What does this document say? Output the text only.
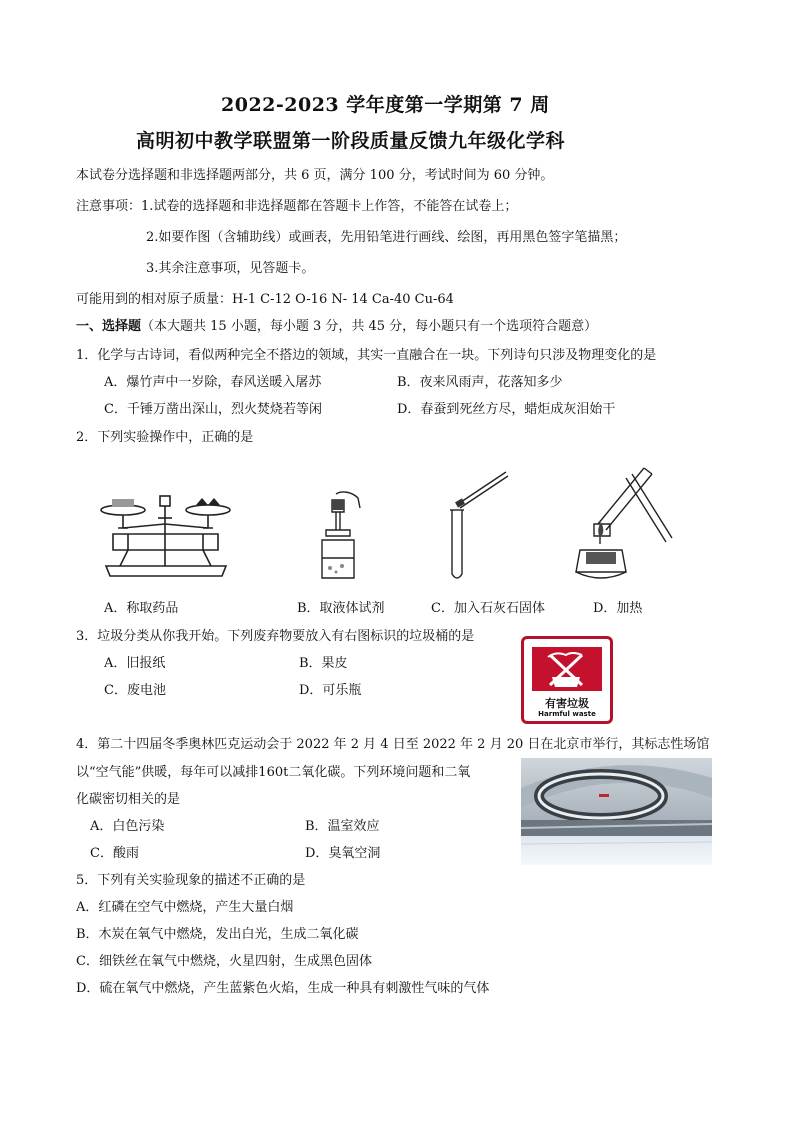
2022-2023 学年度第一学期第 7 周
高明初中教学联盟第一阶段质量反馈九年级化学科
本试卷分选择题和非选择题两部分，共 6 页，满分 100 分，考试时间为 60 分钟。
注意事项：1.试卷的选择题和非选择题都在答题卡上作答，不能答在试卷上；
2.如要作图（含辅助线）或画表，先用铅笔进行画线、绘图，再用黑色签字笔描黑；
3.其余注意事项，见答题卡。
可能用到的相对原子质量：H-1 C-12 O-16 N- 14 Ca-40 Cu-64
一、选择题（本大题共 15 小题，每小题 3 分，共 45 分，每小题只有一个选项符合题意）
1．化学与古诗词，看似两种完全不搭边的领域，其实一直融合在一块。下列诗句只涉及物理变化的是
A．爆竹声中一岁除，春风送暖入屠苏	B．夜来风雨声，花落知多少
C．千锤万凿出深山，烈火焚烧若等闲	D．春蚕到死丝方尽，蜡炬成灰泪始干
2．下列实验操作中，正确的是
A．称取药品	B．取液体试剂	C．加入石灰石固体	D．加热
3．垃圾分类从你我开始。下列废弃物要放入有右图标识的垃圾桶的是
A．旧报纸	B．果皮
C．废电池	D．可乐瓶
有害垃圾
Harmful waste
4．第二十四届冬季奥林匹克运动会于 2022 年 2 月 4 日至 2022 年 2 月 20 日在北京市举行，其标志性场馆
以“空气能”供暖，每年可以减排160t二氧化碳。下列环境问题和二氧
化碳密切相关的是
A．白色污染	B．温室效应
C．酸雨	D．臭氧空洞
5．下列有关实验现象的描述不正确的是
A．红磷在空气中燃烧，产生大量白烟
B．木炭在氧气中燃烧，发出白光，生成二氧化碳
C．细铁丝在氧气中燃烧，火星四射，生成黑色固体
D．硫在氧气中燃烧，产生蓝紫色火焰，生成一种具有刺激性气味的气体
